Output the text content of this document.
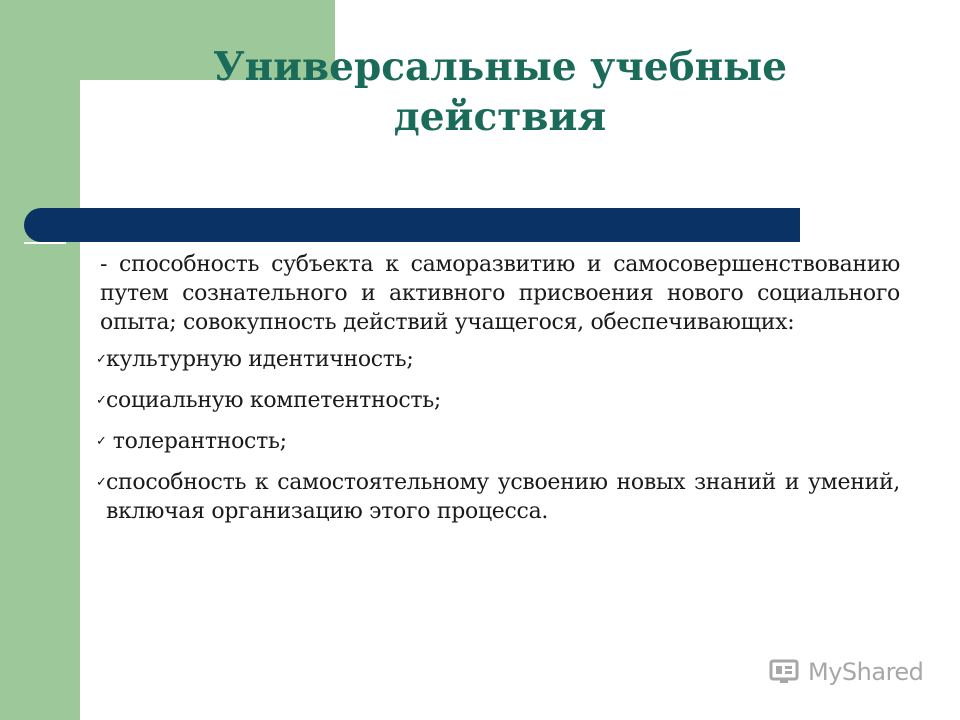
Универсальные учебные действия

- способность субъекта к саморазвитию и самосовершенствованию путем сознательного и активного присвоения нового социального опыта; совокупность действий учащегося, обеспечивающих:

✓ культурную идентичность;
✓ социальную компетентность;
✓ толерантность;
✓ способность к самостоятельному усвоению новых знаний и умений, включая организацию этого процесса.
MyShared
